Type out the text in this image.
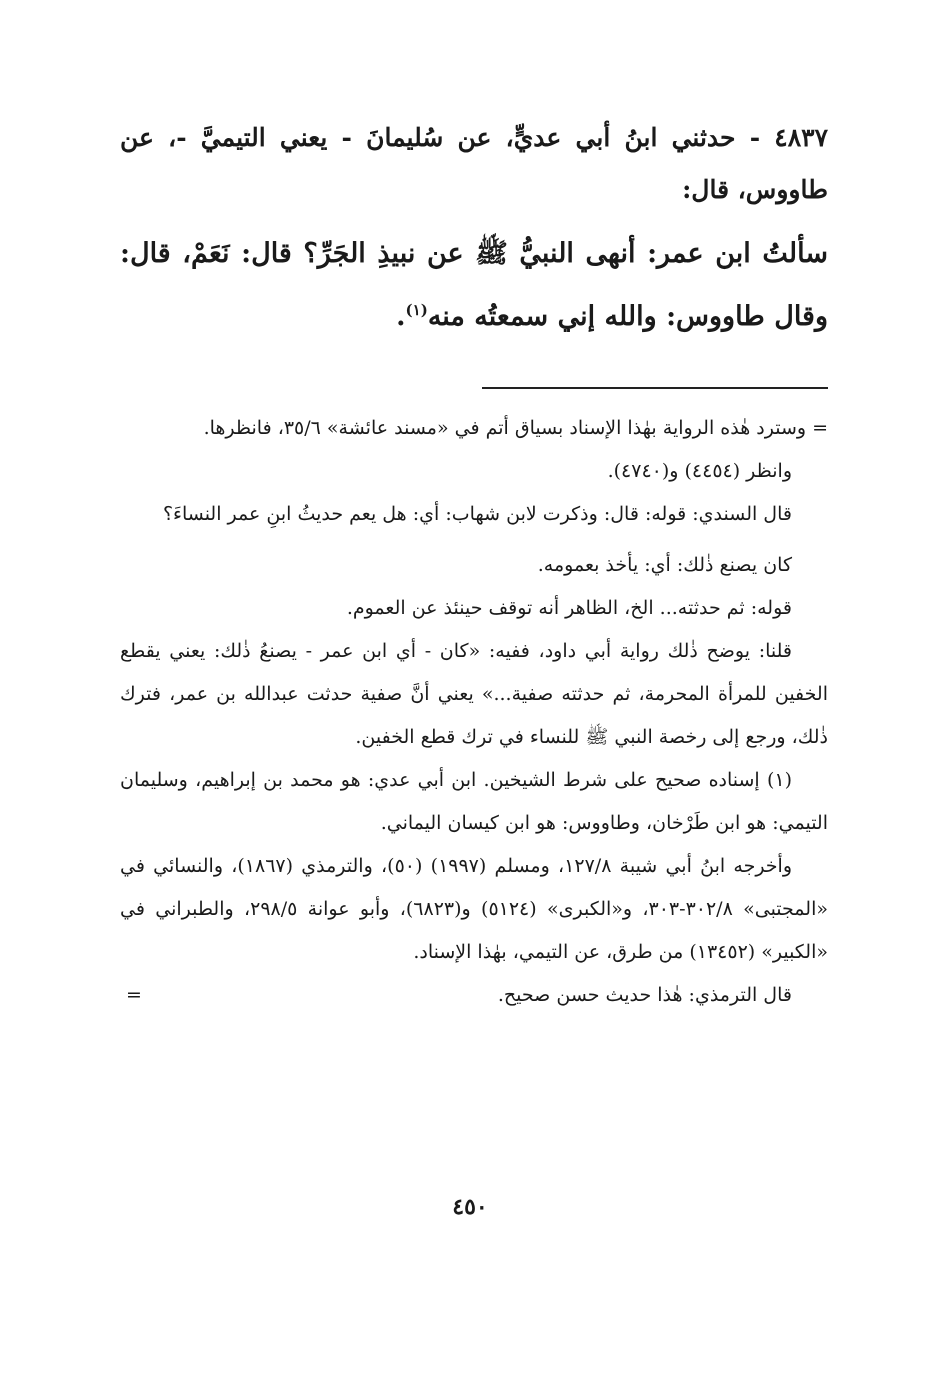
٤٨٣٧ - حدثني ابنُ أبي عديٍّ، عن سُليمانَ - يعني التيميَّ -، عن طاووس، قال:

سألتُ ابن عمر: أنهى النبيُّ ﷺ عن نبيذِ الجَرِّ؟ قال: نَعَمْ، قال: وقال طاووس: والله إني سمعتُه منه$^{(١)}$.

= وسترد هٰذه الرواية بهٰذا الإسناد بسياق أتم في «مسند عائشة» ٣٥/٦، فانظرها.

وانظر (٤٤٥٤) و(٤٧٤٠).

قال السندي: قوله: قال: وذكرت لابن شهاب: أي: هل يعم حديثُ ابنِ عمر النساءَ؟

كان يصنع ذٰلك: أي: يأخذ بعمومه.

قوله: ثم حدثته... الخ، الظاهر أنه توقف حينئذ عن العموم.

قلنا: يوضح ذٰلك رواية أبي داود، ففيه: «كان - أي ابن عمر - يصنعُ ذٰلك: يعني يقطع الخفين للمرأة المحرمة، ثم حدثته صفية...» يعني أنَّ صفية حدثت عبدالله بن عمر، فترك ذٰلك، ورجع إلى رخصة النبي ﷺ للنساء في ترك قطع الخفين.

(١) إسناده صحيح على شرط الشيخين. ابن أبي عدي: هو محمد بن إبراهيم، وسليمان التيمي: هو ابن طَرْخان، وطاووس: هو ابن كيسان اليماني.

وأخرجه ابنُ أبي شيبة ١٢٧/٨، ومسلم (١٩٩٧) (٥٠)، والترمذي (١٨٦٧)، والنسائي في «المجتبى» ٣٠٢/٨-٣٠٣، و«الكبرى» (٥١٢٤) و(٦٨٢٣)، وأبو عوانة ٢٩٨/٥، والطبراني في «الكبير» (١٣٤٥٢) من طرق، عن التيمي، بهٰذا الإسناد.

قال الترمذي: هٰذا حديث حسن صحيح.
=

٤٥٠
